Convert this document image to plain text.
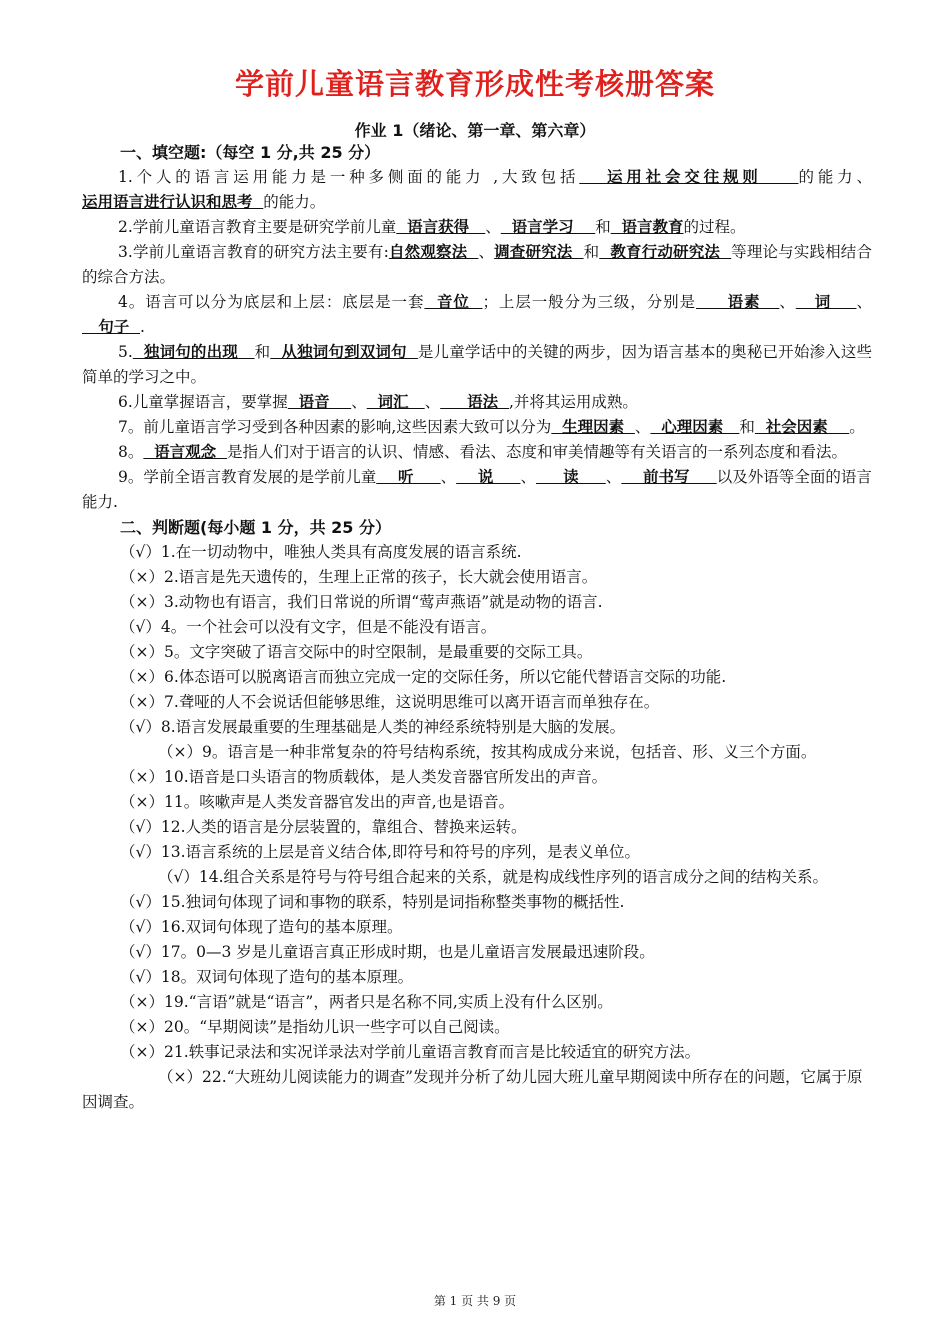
学前儿童语言教育形成性考核册答案
作业 1（绪论、第一章、第六章）
一、填空题:（每空 1 分,共 25 分）
1.个人的语言运用能力是一种多侧面的能力 ,大致包括   运用社会交往规则    的能力、运用语言进行认识和思考  的能力。
2.学前儿童语言教育主要是研究学前儿童  语言获得   、  语言学习    和  语言教育的过程。
3.学前儿童语言教育的研究方法主要有:自然观察法  、调查研究法  和  教育行动研究法  等理论与实践相结合的综合方法。
4。语言可以分为底层和上层：底层是一套  音位  ；上层一般分为三级，分别是     语素   、   词    、   句子  .
5.  独词句的出现   和  从独词句到双词句  是儿童学话中的关键的两步，因为语言基本的奥秘已开始渗入这些简单的学习之中。
6.儿童掌握语言，要掌握  语音    、  词汇   、     语法  ,并将其运用成熟。
7。前儿童语言学习受到各种因素的影响,这些因素大致可以分为  生理因素  、  心理因素   和  社会因素    。
8。  语言观念  是指人们对于语言的认识、情感、看法、态度和审美情趣等有关语言的一系列态度和看法。
9。学前全语言教育发展的是学前儿童    听     、    说     、     读     、    前书写     以及外语等全面的语言能力.
二、判断题(每小题 1 分，共 25 分）
（√）1.在一切动物中，唯独人类具有高度发展的语言系统.
（×）2.语言是先天遗传的，生理上正常的孩子，长大就会使用语言。
（×）3.动物也有语言，我们日常说的所谓“莺声燕语”就是动物的语言.
（√）4。一个社会可以没有文字，但是不能没有语言。
（×）5。文字突破了语言交际中的时空限制，是最重要的交际工具。
（×）6.体态语可以脱离语言而独立完成一定的交际任务，所以它能代替语言交际的功能.
（×）7.聋哑的人不会说话但能够思维，这说明思维可以离开语言而单独存在。
（√）8.语言发展最重要的生理基础是人类的神经系统特别是大脑的发展。
（×）9。语言是一种非常复杂的符号结构系统，按其构成成分来说，包括音、形、义三个方面。
（×）10.语音是口头语言的物质载体，是人类发音器官所发出的声音。
（×）11。咳嗽声是人类发音器官发出的声音,也是语音。
（√）12.人类的语言是分层装置的，靠组合、替换来运转。
（√）13.语言系统的上层是音义结合体,即符号和符号的序列，是表义单位。
（√）14.组合关系是符号与符号组合起来的关系，就是构成线性序列的语言成分之间的结构关系。
（√）15.独词句体现了词和事物的联系，特别是词指称整类事物的概括性.
（√）16.双词句体现了造句的基本原理。
（√）17。0—3 岁是儿童语言真正形成时期，也是儿童语言发展最迅速阶段。
（√）18。双词句体现了造句的基本原理。
（×）19.“言语”就是“语言”，两者只是名称不同,实质上没有什么区别。
（×）20。“早期阅读”是指幼儿识一些字可以自己阅读。
（×）21.轶事记录法和实况详录法对学前儿童语言教育而言是比较适宜的研究方法。
（×）22.“大班幼儿阅读能力的调查”发现并分析了幼儿园大班儿童早期阅读中所存在的问题，它属于原因调查。
第 1 页 共 9 页
